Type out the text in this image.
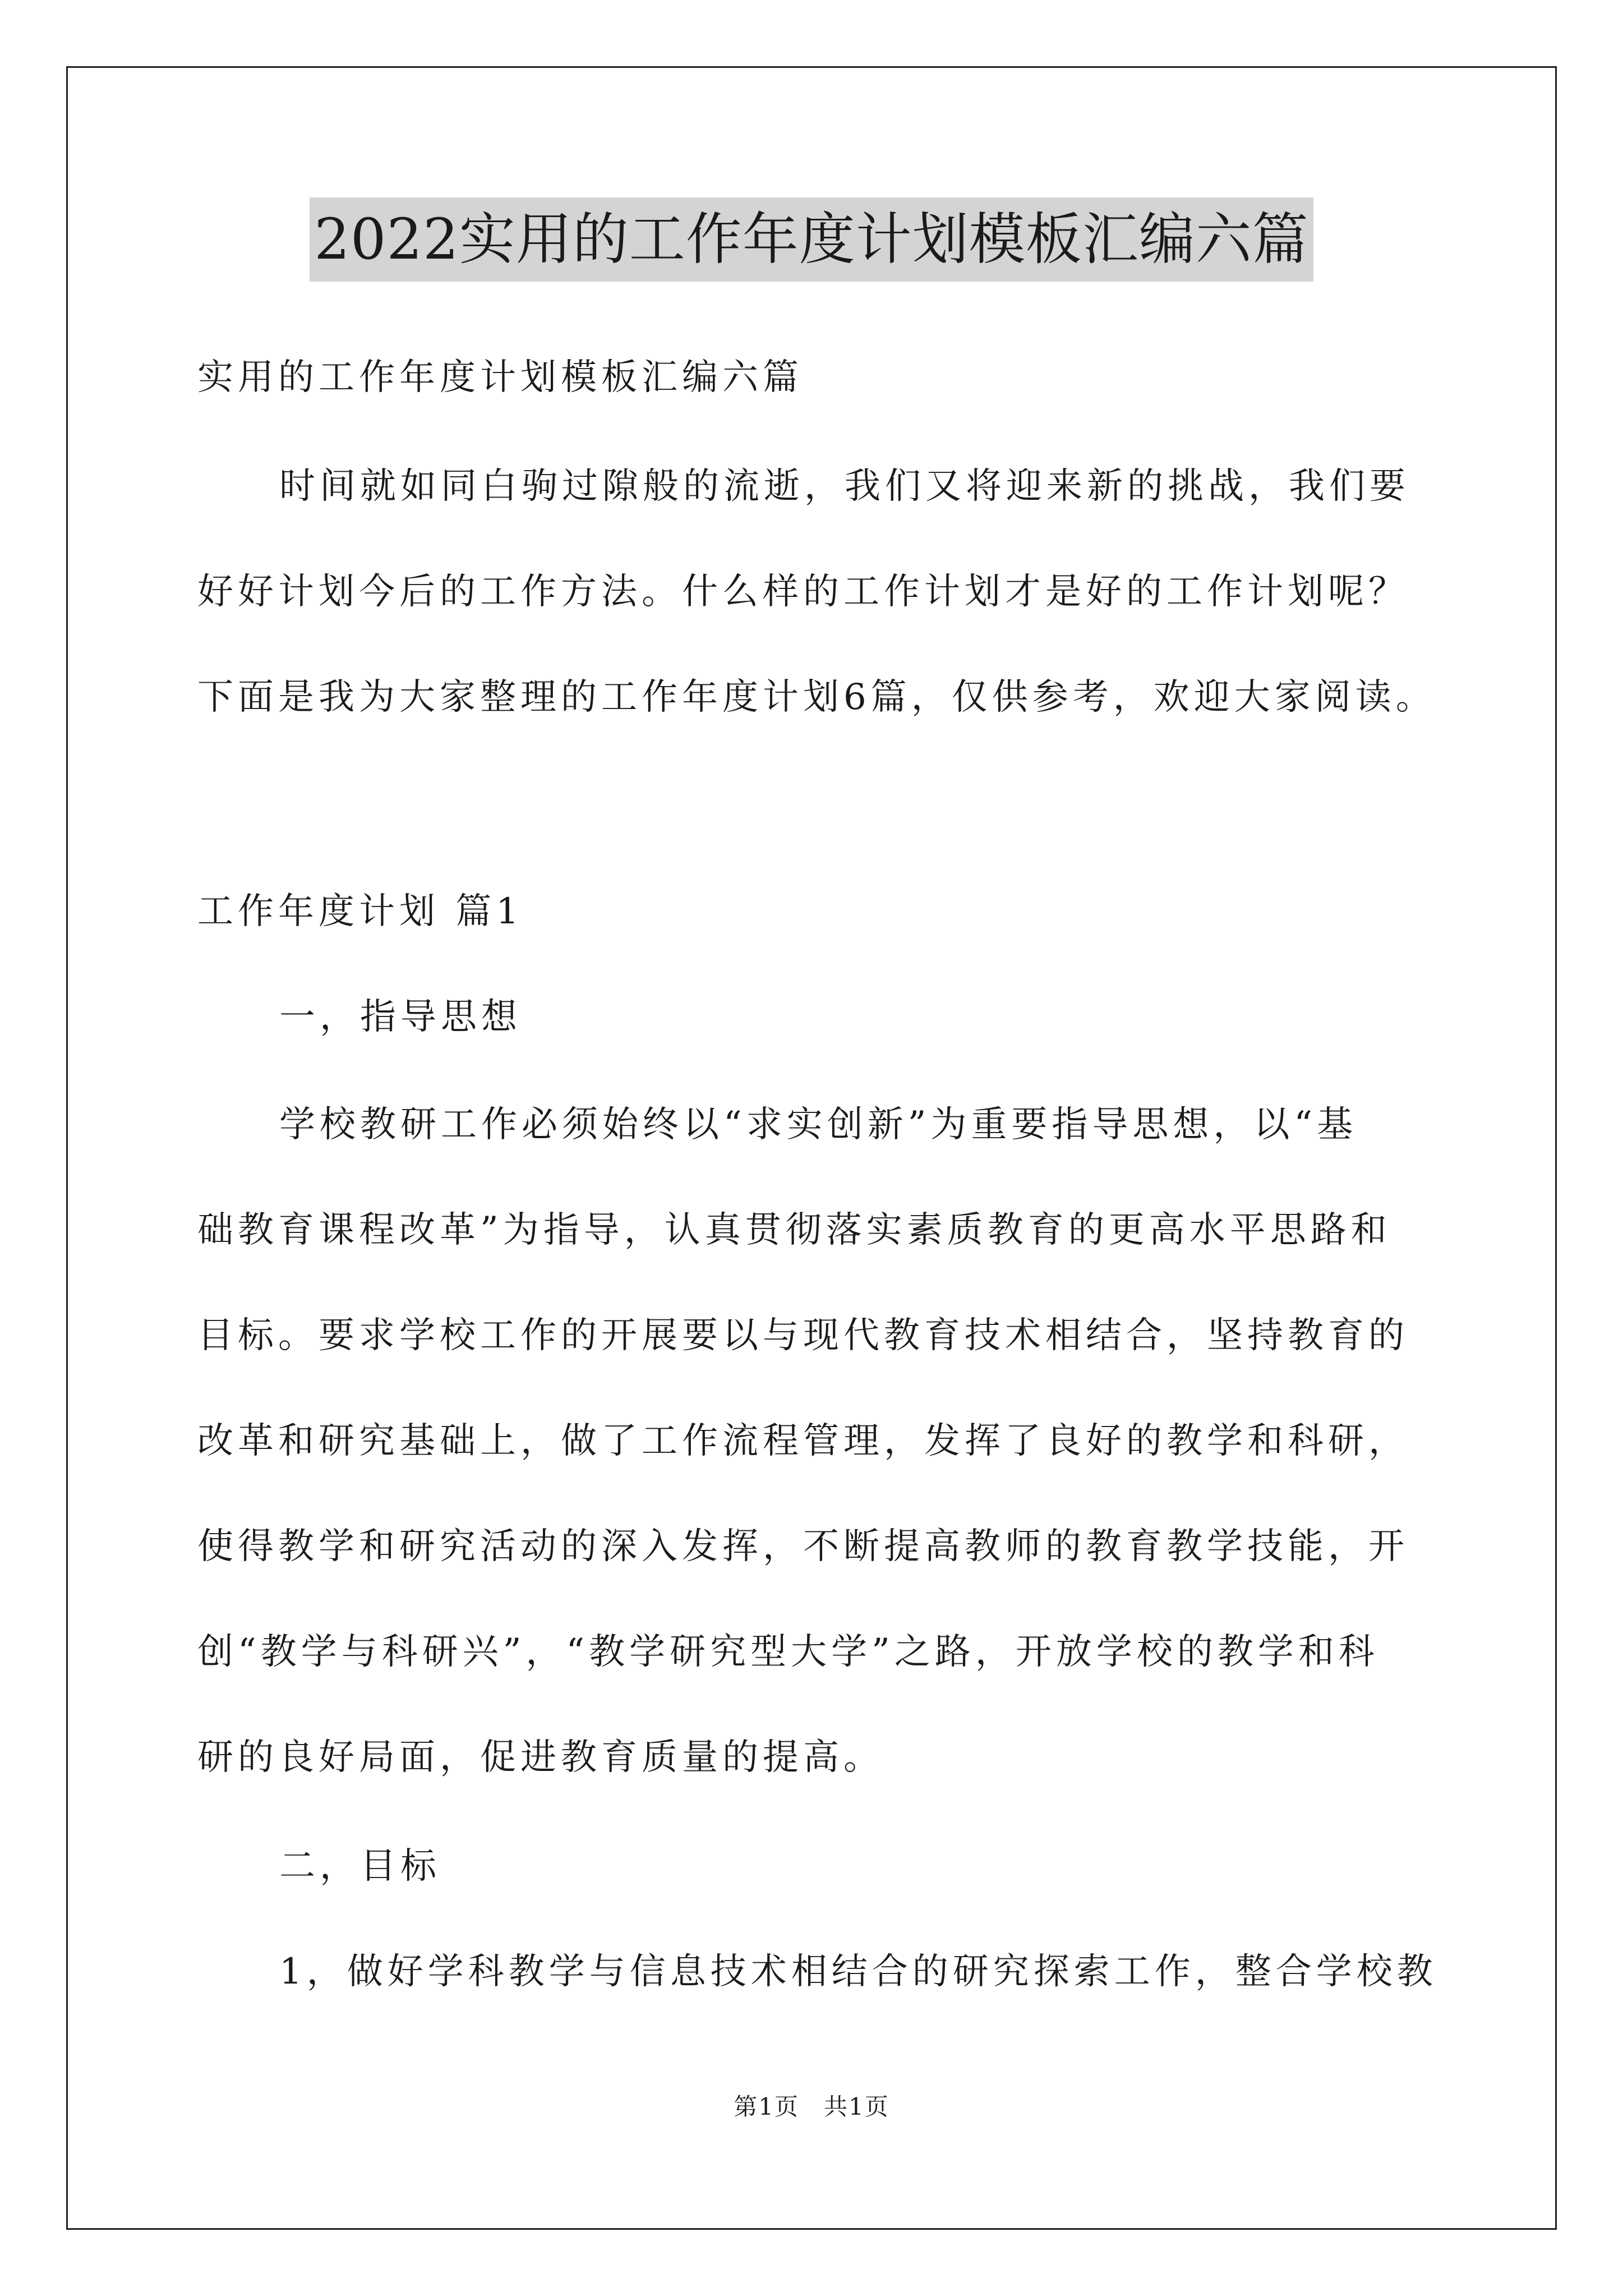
2022实用的工作年度计划模板汇编六篇
实用的工作年度计划模板汇编六篇
时间就如同白驹过隙般的流逝，我们又将迎来新的挑战，我们要
好好计划今后的工作方法。什么样的工作计划才是好的工作计划呢？
下面是我为大家整理的工作年度计划6篇，仅供参考，欢迎大家阅读。
工作年度计划 篇1
一，指导思想
学校教研工作必须始终以“求实创新”为重要指导思想，以“基
础教育课程改革”为指导，认真贯彻落实素质教育的更高水平思路和
目标。要求学校工作的开展要以与现代教育技术相结合，坚持教育的
改革和研究基础上，做了工作流程管理，发挥了良好的教学和科研，
使得教学和研究活动的深入发挥，不断提高教师的教育教学技能，开
创“教学与科研兴”，“教学研究型大学”之路，开放学校的教学和科
研的良好局面，促进教育质量的提高。
二，目标
1，做好学科教学与信息技术相结合的研究探索工作，整合学校教
第1页　共1页
